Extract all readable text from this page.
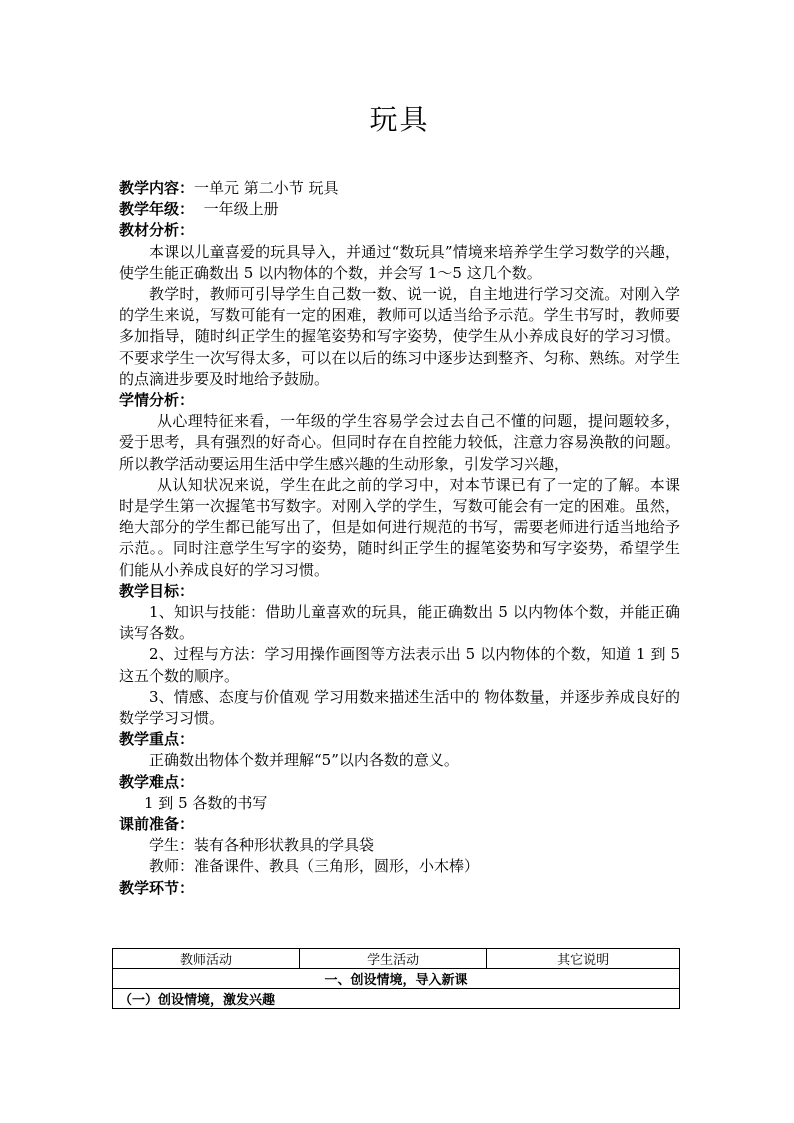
玩具
教学内容：一单元 第二小节 玩具
教学年级： 一年级上册
教材分析：

本课以儿童喜爱的玩具导入，并通过“数玩具”情境来培养学生学习数学的兴趣，使学生能正确数出 5 以内物体的个数，并会写 1～5 这几个数。

教学时，教师可引导学生自己数一数、说一说，自主地进行学习交流。对刚入学的学生来说，写数可能有一定的困难，教师可以适当给予示范。学生书写时，教师要多加指导，随时纠正学生的握笔姿势和写字姿势，使学生从小养成良好的学习习惯。不要求学生一次写得太多，可以在以后的练习中逐步达到整齐、匀称、熟练。对学生的点滴进步要及时地给予鼓励。

学情分析：

从心理特征来看，一年级的学生容易学会过去自己不懂的问题，提问题较多，爱于思考，具有强烈的好奇心。但同时存在自控能力较低，注意力容易涣散的问题。所以教学活动要运用生活中学生感兴趣的生动形象，引发学习兴趣，

从认知状况来说，学生在此之前的学习中，对本节课已有了一定的了解。本课时是学生第一次握笔书写数字。对刚入学的学生，写数可能会有一定的困难。虽然，绝大部分的学生都已能写出了，但是如何进行规范的书写，需要老师进行适当地给予示范。。同时注意学生写字的姿势，随时纠正学生的握笔姿势和写字姿势，希望学生们能从小养成良好的学习习惯。

教学目标：

1、知识与技能：借助儿童喜欢的玩具，能正确数出 5 以内物体个数，并能正确读写各数。

2、过程与方法：学习用操作画图等方法表示出 5 以内物体的个数，知道 1 到 5 这五个数的顺序。

3、情感、态度与价值观 学习用数来描述生活中的 物体数量，并逐步养成良好的数学学习习惯。

教学重点：
正确数出物体个数并理解“5”以内各数的意义。
教学难点：
1 到 5 各数的书写
课前准备：
学生：装有各种形状教具的学具袋
教师：准备课件、教具（三角形，圆形，小木棒）
教学环节：
教师活动	学生活动	其它说明
一、创设情境，导入新课
（一）创设情境，激发兴趣
